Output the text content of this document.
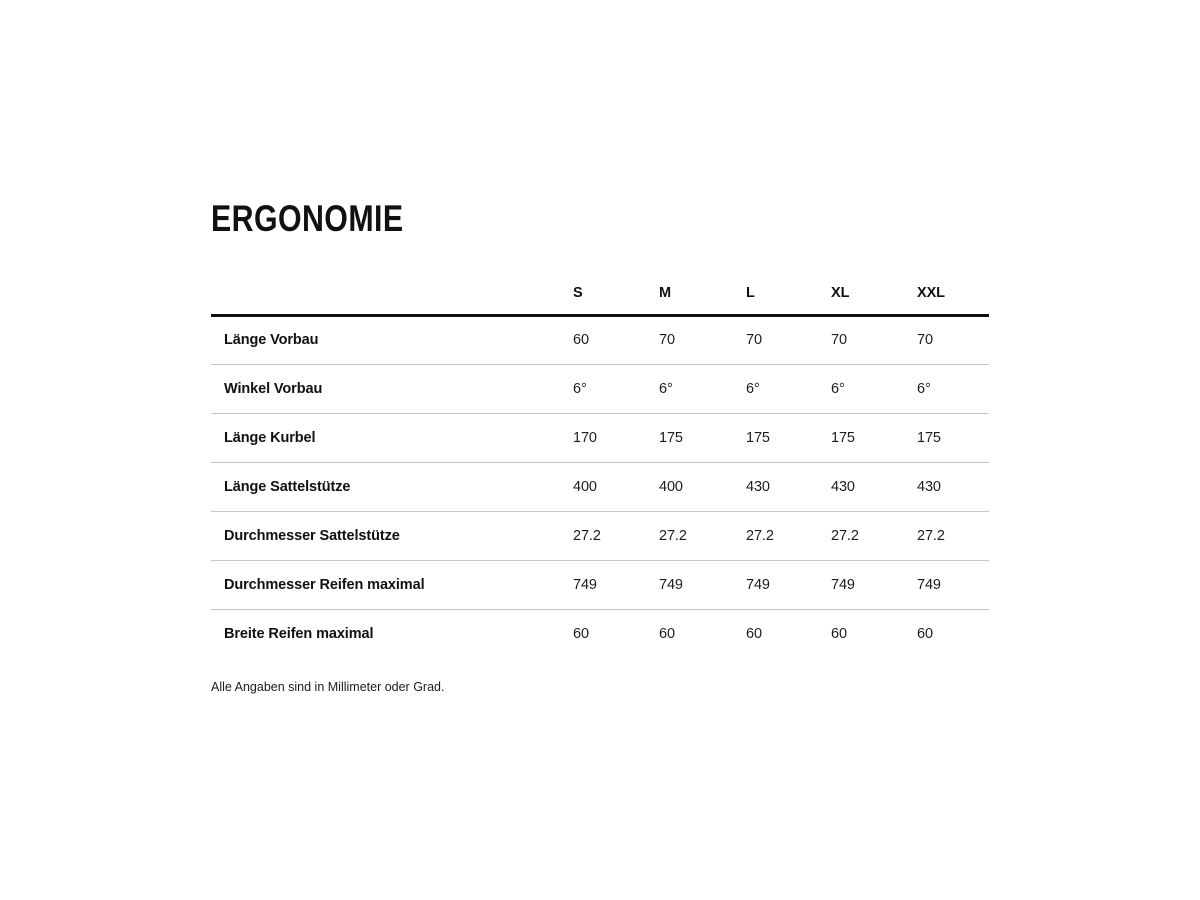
ERGONOMIE
	S	M	L	XL	XXL
Länge Vorbau	60	70	70	70	70
Winkel Vorbau	6°	6°	6°	6°	6°
Länge Kurbel	170	175	175	175	175
Länge Sattelstütze	400	400	430	430	430
Durchmesser Sattelstütze	27.2	27.2	27.2	27.2	27.2
Durchmesser Reifen maximal	749	749	749	749	749
Breite Reifen maximal	60	60	60	60	60

Alle Angaben sind in Millimeter oder Grad.
